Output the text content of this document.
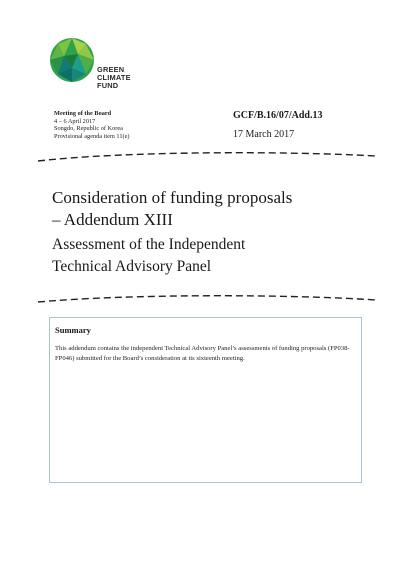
GREEN
CLIMATE
FUND
Meeting of the Board
4 – 6 April 2017
Songdo, Republic of Korea
Provisional agenda item 11(e)
GCF/B.16/07/Add.13
17 March 2017
Consideration of funding proposals
– Addendum XIII
Assessment of the Independent
Technical Advisory Panel
Summary
This addendum contains the independent Technical Advisory Panel’s assessments of funding proposals (FP038-FP046) submitted for the Board’s consideration at its sixteenth meeting.
